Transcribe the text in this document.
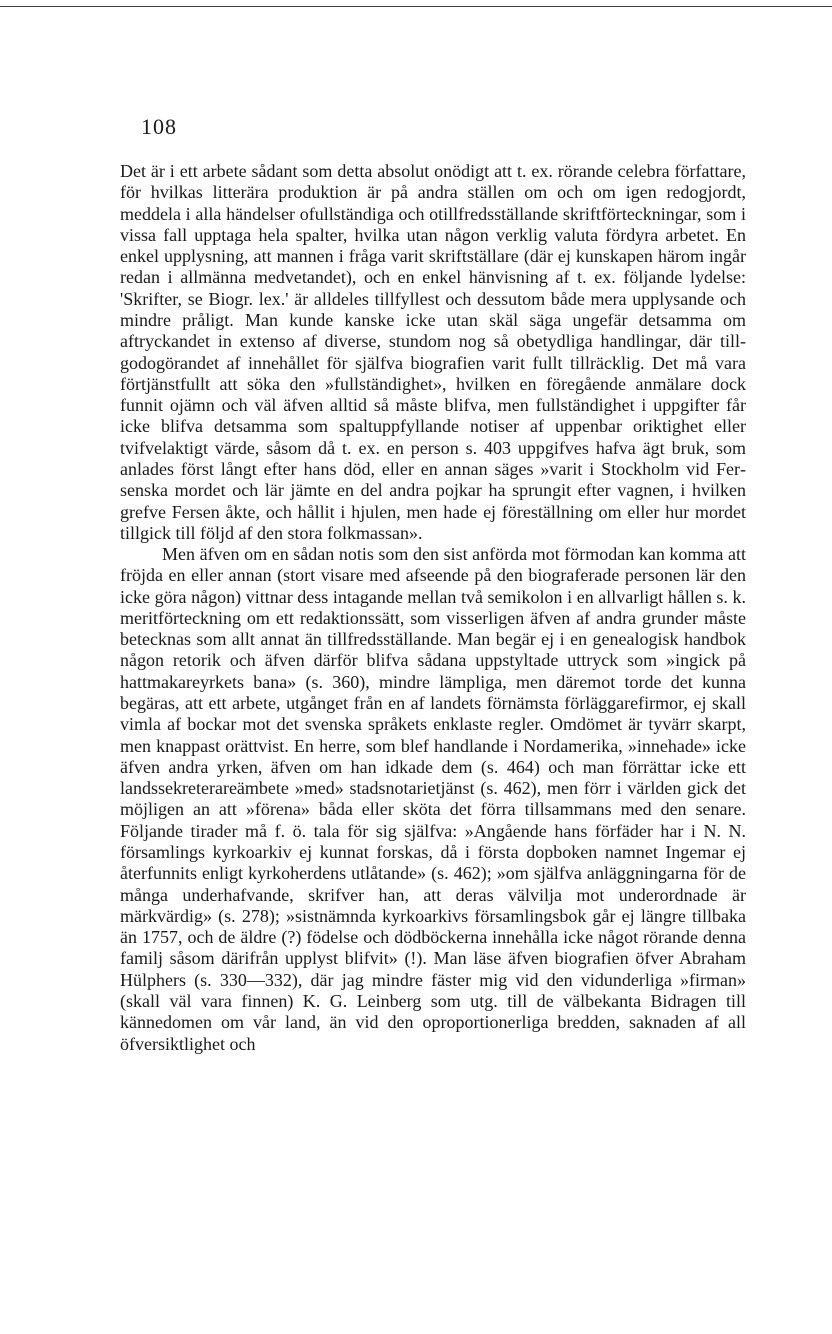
108

Det är i ett arbete sådant som detta absolut onödigt att t. ex. rörande celebra författare, för hvilkas litterära produktion är på andra ställen om och om igen redogjordt, meddela i alla händelser ofullständiga och otillfredsställande skriftförteckningar, som i vissa fall upptaga hela spalter, hvilka utan någon verklig valuta fördyra arbetet. En enkel upplysning, att mannen i fråga varit skriftställare (där ej kunskapen härom ingår redan i allmänna medvetandet), och en enkel hänvisning af t. ex. följande lydelse: 'Skrifter, se Biogr. lex.' är alldeles tillfyllest och dessutom både mera upplysande och mindre pråligt. Man kunde kanske icke utan skäl säga ungefär detsamma om aftryckandet in extenso af diverse, stundom nog så obetydliga handlingar, där tillgodogörandet af innehållet för själfva biografien varit fullt tillräcklig. Det må vara förtjänstfullt att söka den »fullständighet», hvilken en föregående anmälare dock funnit ojämn och väl äfven alltid så måste blifva, men fullständighet i uppgifter får icke blifva detsamma som spaltuppfyllande notiser af uppenbar oriktighet eller tvifvelaktigt värde, såsom då t. ex. en person s. 403 uppgifves hafva ägt bruk, som anlades först långt efter hans död, eller en annan säges »varit i Stockholm vid Fersenska mordet och lär jämte en del andra pojkar ha sprungit efter vagnen, i hvilken grefve Fersen åkte, och hållit i hjulen, men hade ej föreställning om eller hur mordet tillgick till följd af den stora folkmassan».

Men äfven om en sådan notis som den sist anförda mot förmodan kan komma att fröjda en eller annan (stort visare med afseende på den biograferade personen lär den icke göra någon) vittnar dess intagande mellan två semikolon i en allvarligt hållen s. k. meritförteckning om ett redaktionssätt, som visserligen äfven af andra grunder måste betecknas som allt annat än tillfredsställande. Man begär ej i en genealogisk handbok någon retorik och äfven därför blifva sådana uppstyltade uttryck som »ingick på hattmakareyrkets bana» (s. 360), mindre lämpliga, men däremot torde det kunna begäras, att ett arbete, utgånget från en af landets förnämsta förläggarefirmor, ej skall vimla af bockar mot det svenska språkets enklaste regler. Omdömet är tyvärr skarpt, men knappast orättvist. En herre, som blef handlande i Nordamerika, »innehade» icke äfven andra yrken, äfven om han idkade dem (s. 464) och man förrättar icke ett landssekreterareämbete »med» stadsnotarietjänst (s. 462), men förr i världen gick det möjligen an att »förena» båda eller sköta det förra tillsammans med den senare. Följande tirader må f. ö. tala för sig själfva: »Angående hans förfäder har i N. N. församlings kyrkoarkiv ej kunnat forskas, då i första dopboken namnet Ingemar ej återfunnits enligt kyrkoherdens utlåtande» (s. 462); »om själfva anläggningarna för de många underhafvande, skrifver han, att deras välvilja mot underordnade är märkvärdig» (s. 278); »sistnämnda kyrkoarkivs församlingsbok går ej längre tillbaka än 1757, och de äldre (?) födelse och dödböckerna innehålla icke något rörande denna familj såsom därifrån upplyst blifvit» (!). Man läse äfven biografien öfver Abraham Hülphers (s. 330—332), där jag mindre fäster mig vid den vidunderliga »firman» (skall väl vara finnen) K. G. Leinberg som utg. till de välbekanta Bidragen till kännedomen om vår land, än vid den oproportionerliga bredden, saknaden af all öfversiktlighet och
